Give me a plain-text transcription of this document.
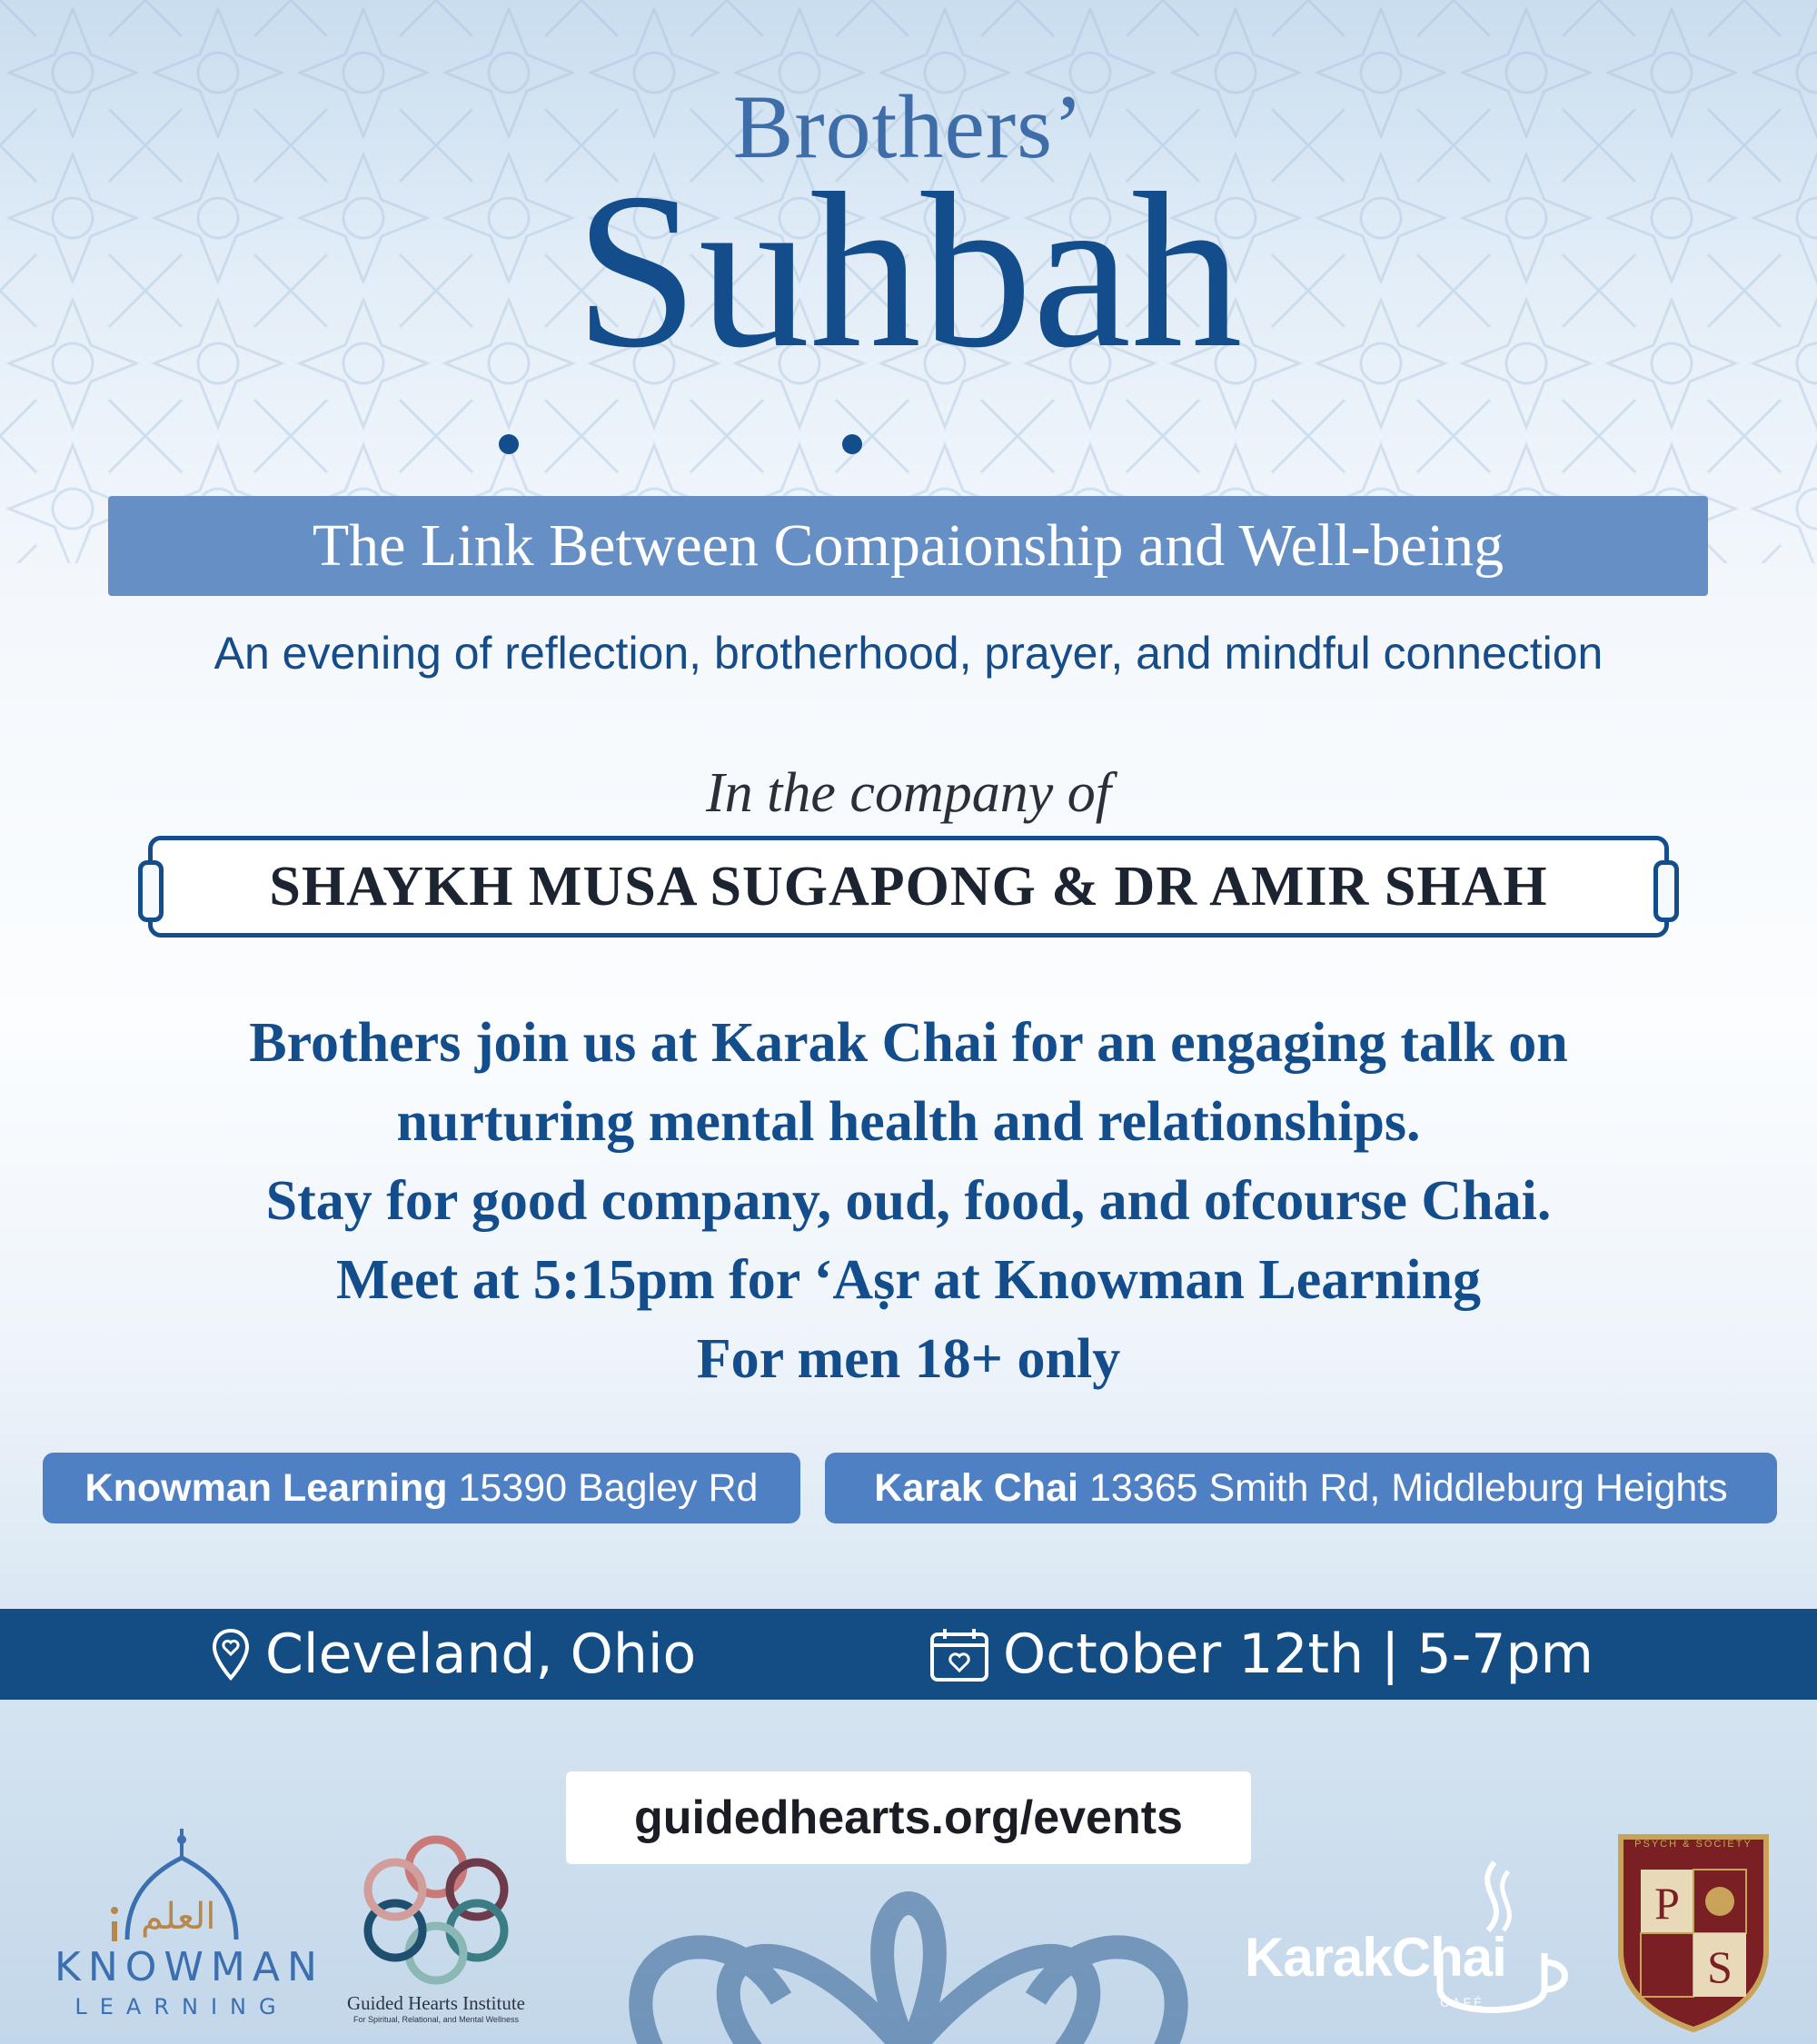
Brothers’
Suhbah
The Link Between Compaionship and Well-being
An evening of reflection, brotherhood, prayer, and mindful connection
In the company of
SHAYKH MUSA SUGAPONG & DR AMIR SHAH
Brothers join us at Karak Chai for an engaging talk on
nurturing mental health and relationships.
Stay for good company, oud, food, and ofcourse Chai.
Meet at 5:15pm for ‘Aṣr at Knowman Learning
For men 18+ only
Knowman Learning 15390 Bagley Rd	Karak Chai 13365 Smith Rd, Middleburg Heights
Cleveland, Ohio	October 12th | 5-7pm
guidedhearts.org/events
العلم
KNOWMAN
LEARNING	Guided Hearts Institute
For Spiritual, Relational, and Mental Wellness
KarakChai
CAFÉ
PSYCH & SOCIETY
P
S
